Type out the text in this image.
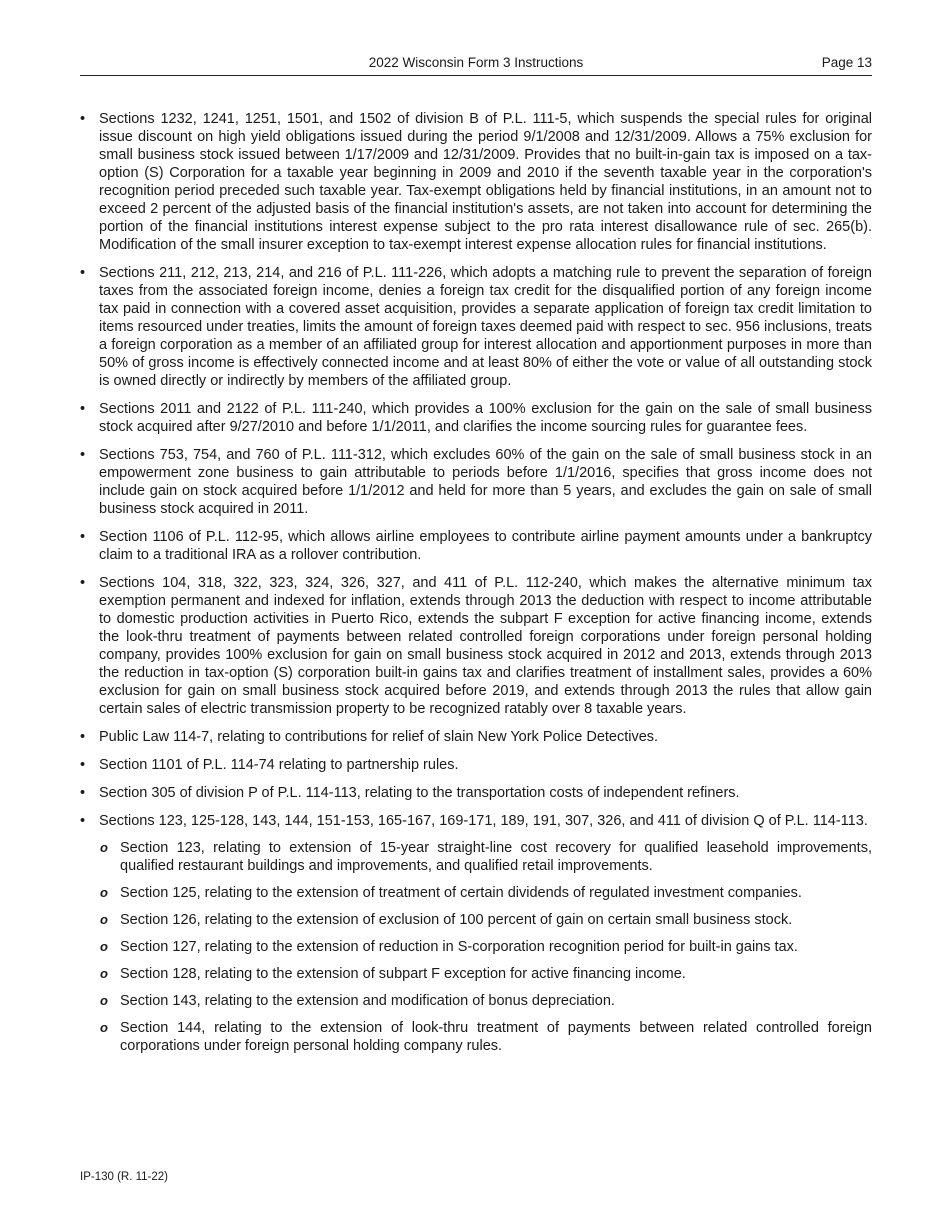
2022 Wisconsin Form 3 Instructions	Page 13
• Sections 1232, 1241, 1251, 1501, and 1502 of division B of P.L. 111-5, which suspends the special rules for original issue discount on high yield obligations issued during the period 9/1/2008 and 12/31/2009. Allows a 75% exclusion for small business stock issued between 1/17/2009 and 12/31/2009. Provides that no built-in-gain tax is imposed on a tax-option (S) Corporation for a taxable year beginning in 2009 and 2010 if the seventh taxable year in the corporation's recognition period preceded such taxable year. Tax-exempt obligations held by financial institutions, in an amount not to exceed 2 percent of the adjusted basis of the financial institution's assets, are not taken into account for determining the portion of the financial institutions interest expense subject to the pro rata interest disallowance rule of sec. 265(b). Modification of the small insurer exception to tax-exempt interest expense allocation rules for financial institutions.
• Sections 211, 212, 213, 214, and 216 of P.L. 111-226, which adopts a matching rule to prevent the separation of foreign taxes from the associated foreign income, denies a foreign tax credit for the disqualified portion of any foreign income tax paid in connection with a covered asset acquisition, provides a separate application of foreign tax credit limitation to items resourced under treaties, limits the amount of foreign taxes deemed paid with respect to sec. 956 inclusions, treats a foreign corporation as a member of an affiliated group for interest allocation and apportionment purposes in more than 50% of gross income is effectively connected income and at least 80% of either the vote or value of all outstanding stock is owned directly or indirectly by members of the affiliated group.
• Sections 2011 and 2122 of P.L. 111-240, which provides a 100% exclusion for the gain on the sale of small business stock acquired after 9/27/2010 and before 1/1/2011, and clarifies the income sourcing rules for guarantee fees.
• Sections 753, 754, and 760 of P.L. 111-312, which excludes 60% of the gain on the sale of small business stock in an empowerment zone business to gain attributable to periods before 1/1/2016, specifies that gross income does not include gain on stock acquired before 1/1/2012 and held for more than 5 years, and excludes the gain on sale of small business stock acquired in 2011.
• Section 1106 of P.L. 112-95, which allows airline employees to contribute airline payment amounts under a bankruptcy claim to a traditional IRA as a rollover contribution.
• Sections 104, 318, 322, 323, 324, 326, 327, and 411 of P.L. 112-240, which makes the alternative minimum tax exemption permanent and indexed for inflation, extends through 2013 the deduction with respect to income attributable to domestic production activities in Puerto Rico, extends the subpart F exception for active financing income, extends the look-thru treatment of payments between related controlled foreign corporations under foreign personal holding company, provides 100% exclusion for gain on small business stock acquired in 2012 and 2013, extends through 2013 the reduction in tax-option (S) corporation built-in gains tax and clarifies treatment of installment sales, provides a 60% exclusion for gain on small business stock acquired before 2019, and extends through 2013 the rules that allow gain certain sales of electric transmission property to be recognized ratably over 8 taxable years.
• Public Law 114-7, relating to contributions for relief of slain New York Police Detectives.
• Section 1101 of P.L. 114-74 relating to partnership rules.
• Section 305 of division P of P.L. 114-113, relating to the transportation costs of independent refiners.
• Sections 123, 125-128, 143, 144, 151-153, 165-167, 169-171, 189, 191, 307, 326, and 411 of division Q of P.L. 114-113.
o Section 123, relating to extension of 15-year straight-line cost recovery for qualified leasehold improvements, qualified restaurant buildings and improvements, and qualified retail improvements.
o Section 125, relating to the extension of treatment of certain dividends of regulated investment companies.
o Section 126, relating to the extension of exclusion of 100 percent of gain on certain small business stock.
o Section 127, relating to the extension of reduction in S-corporation recognition period for built-in gains tax.
o Section 128, relating to the extension of subpart F exception for active financing income.
o Section 143, relating to the extension and modification of bonus depreciation.
o Section 144, relating to the extension of look-thru treatment of payments between related controlled foreign corporations under foreign personal holding company rules.
IP-130 (R. 11-22)
